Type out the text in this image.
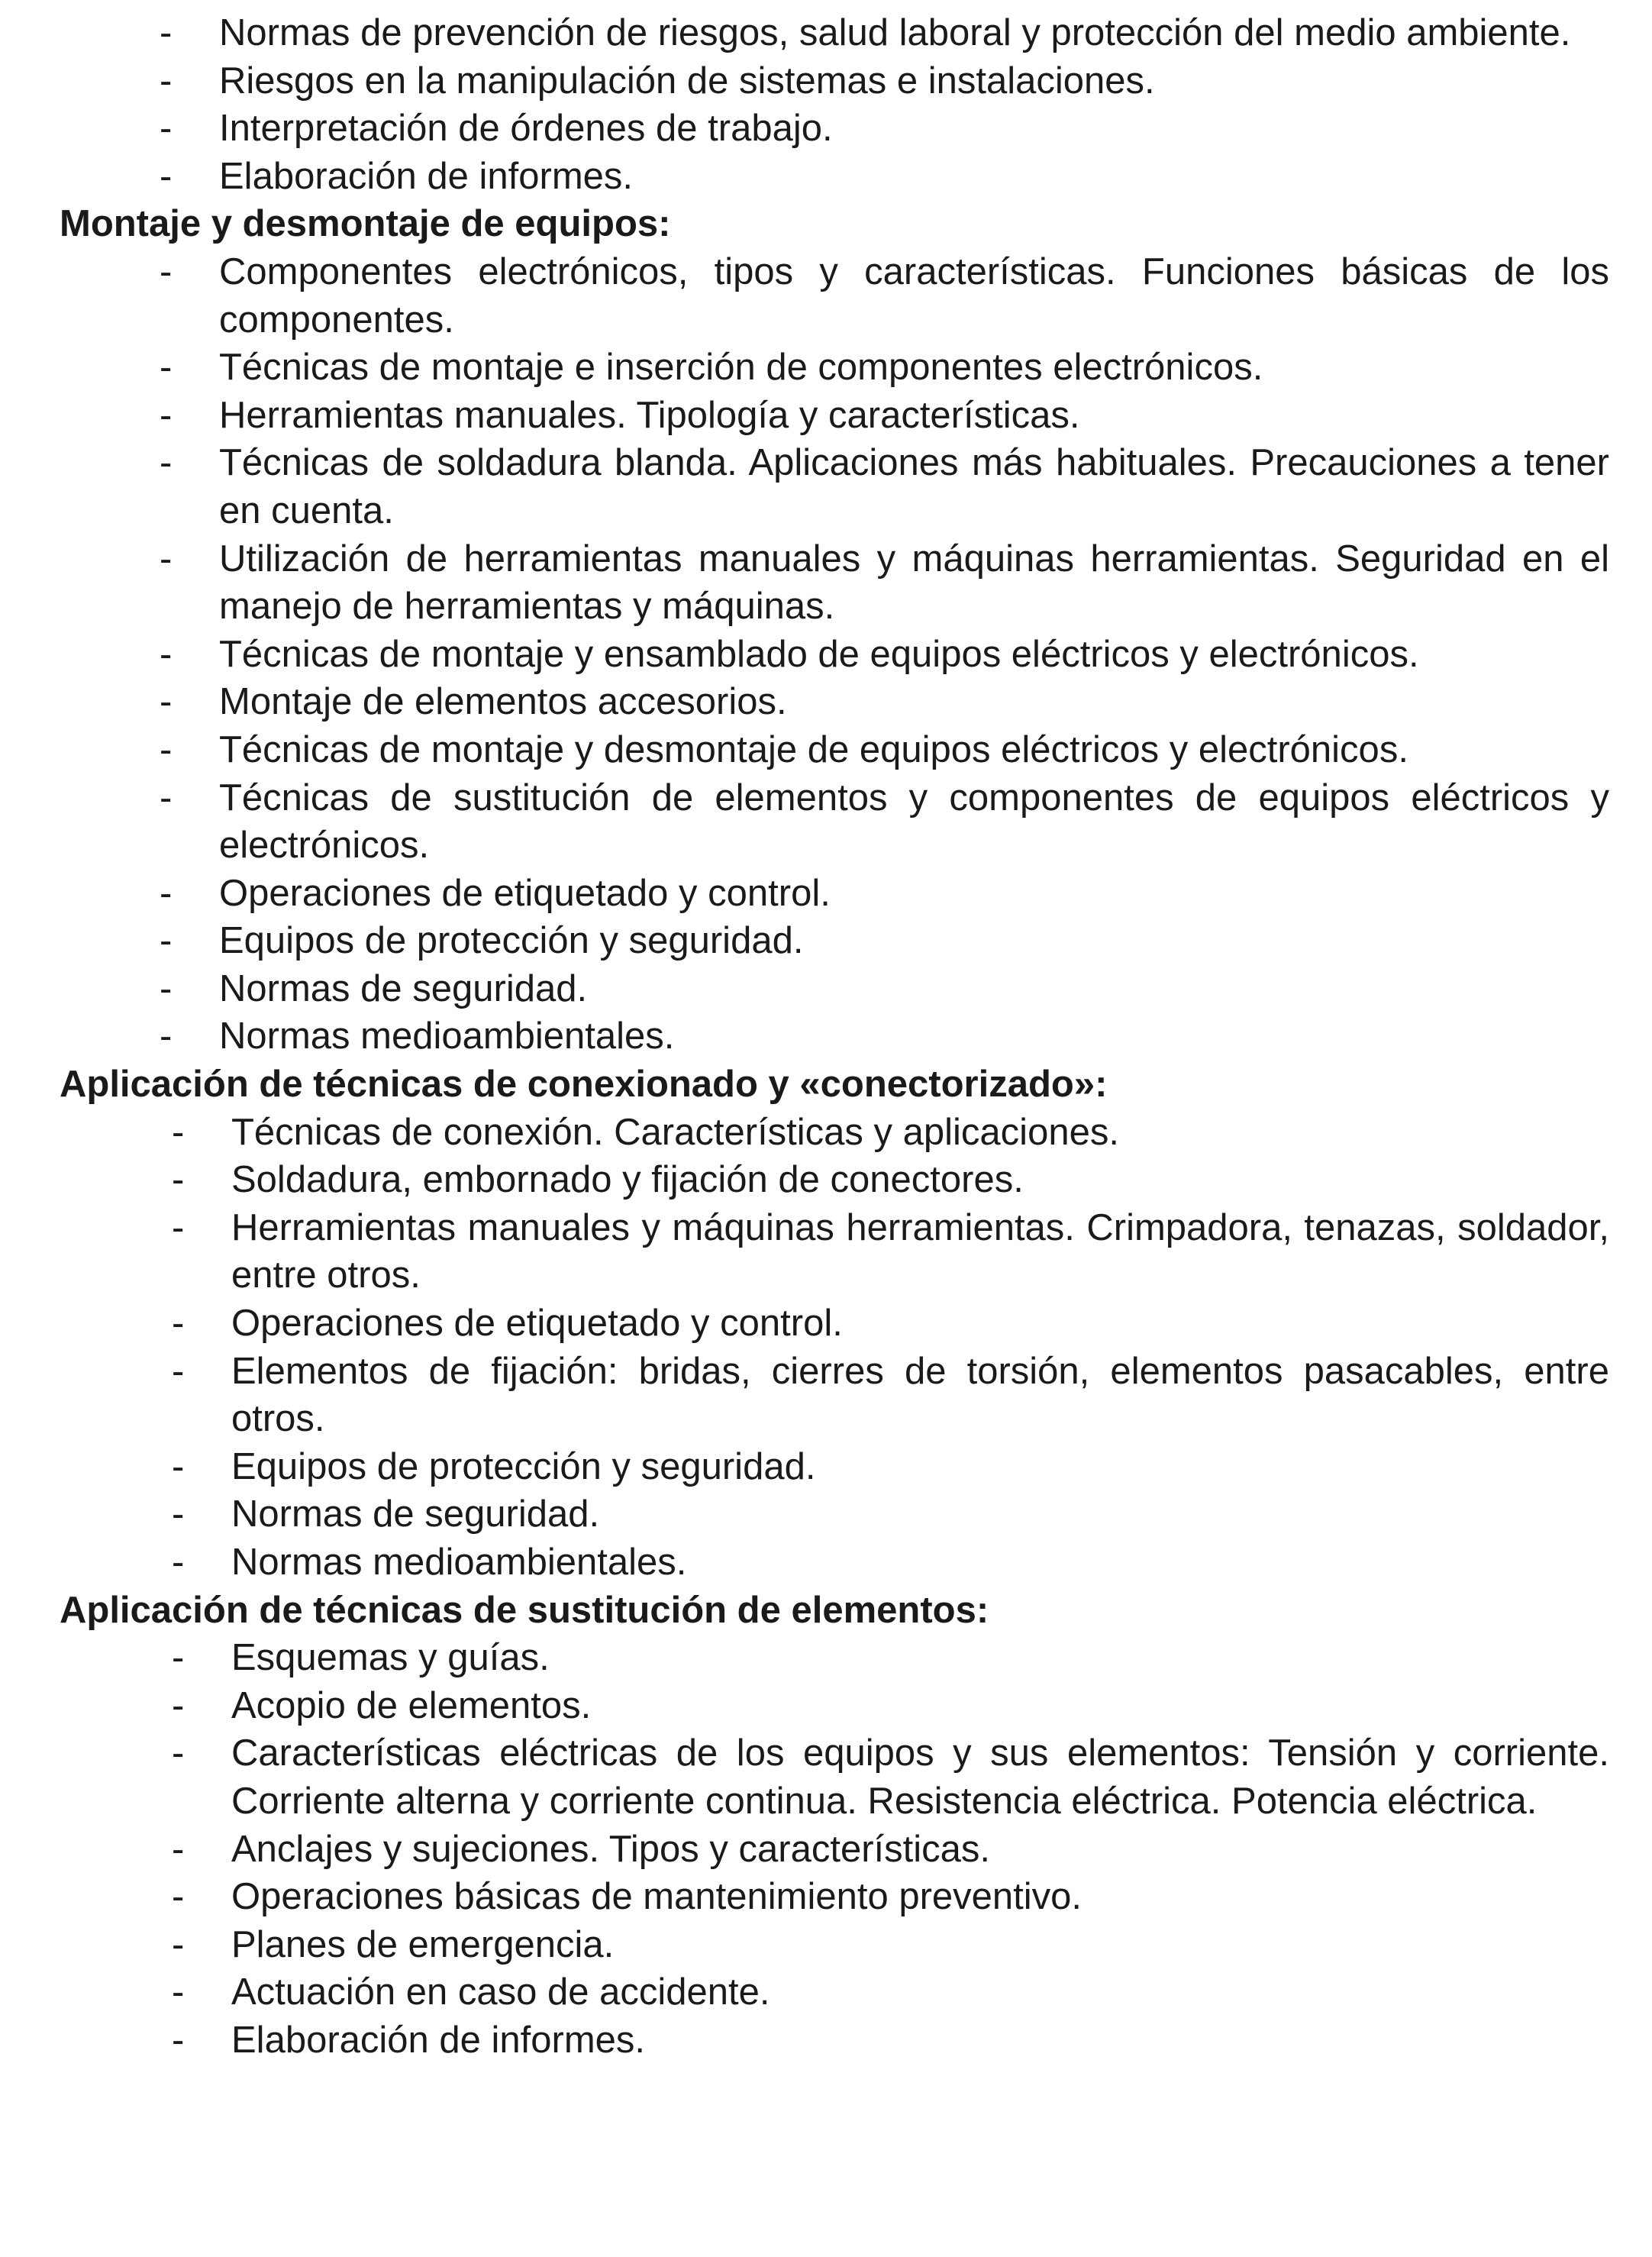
- Normas de prevención de riesgos, salud laboral y protección del medio ambiente.
- Riesgos en la manipulación de sistemas e instalaciones.
- Interpretación de órdenes de trabajo.
- Elaboración de informes.
Montaje y desmontaje de equipos:
- Componentes electrónicos, tipos y características. Funciones básicas de los componentes.
- Técnicas de montaje e inserción de componentes electrónicos.
- Herramientas manuales. Tipología y características.
- Técnicas de soldadura blanda. Aplicaciones más habituales. Precauciones a tener en cuenta.
- Utilización de herramientas manuales y máquinas herramientas. Seguridad en el manejo de herramientas y máquinas.
- Técnicas de montaje y ensamblado de equipos eléctricos y electrónicos.
- Montaje de elementos accesorios.
- Técnicas de montaje y desmontaje de equipos eléctricos y electrónicos.
- Técnicas de sustitución de elementos y componentes de equipos eléctricos y electrónicos.
- Operaciones de etiquetado y control.
- Equipos de protección y seguridad.
- Normas de seguridad.
- Normas medioambientales.
Aplicación de técnicas de conexionado y «conectorizado»:
- Técnicas de conexión. Características y aplicaciones.
- Soldadura, embornado y fijación de conectores.
- Herramientas manuales y máquinas herramientas. Crimpadora, tenazas, soldador, entre otros.
- Operaciones de etiquetado y control.
- Elementos de fijación: bridas, cierres de torsión, elementos pasacables, entre otros.
- Equipos de protección y seguridad.
- Normas de seguridad.
- Normas medioambientales.
Aplicación de técnicas de sustitución de elementos:
- Esquemas y guías.
- Acopio de elementos.
- Características eléctricas de los equipos y sus elementos: Tensión y corriente. Corriente alterna y corriente continua. Resistencia eléctrica. Potencia eléctrica.
- Anclajes y sujeciones. Tipos y características.
- Operaciones básicas de mantenimiento preventivo.
- Planes de emergencia.
- Actuación en caso de accidente.
- Elaboración de informes.
